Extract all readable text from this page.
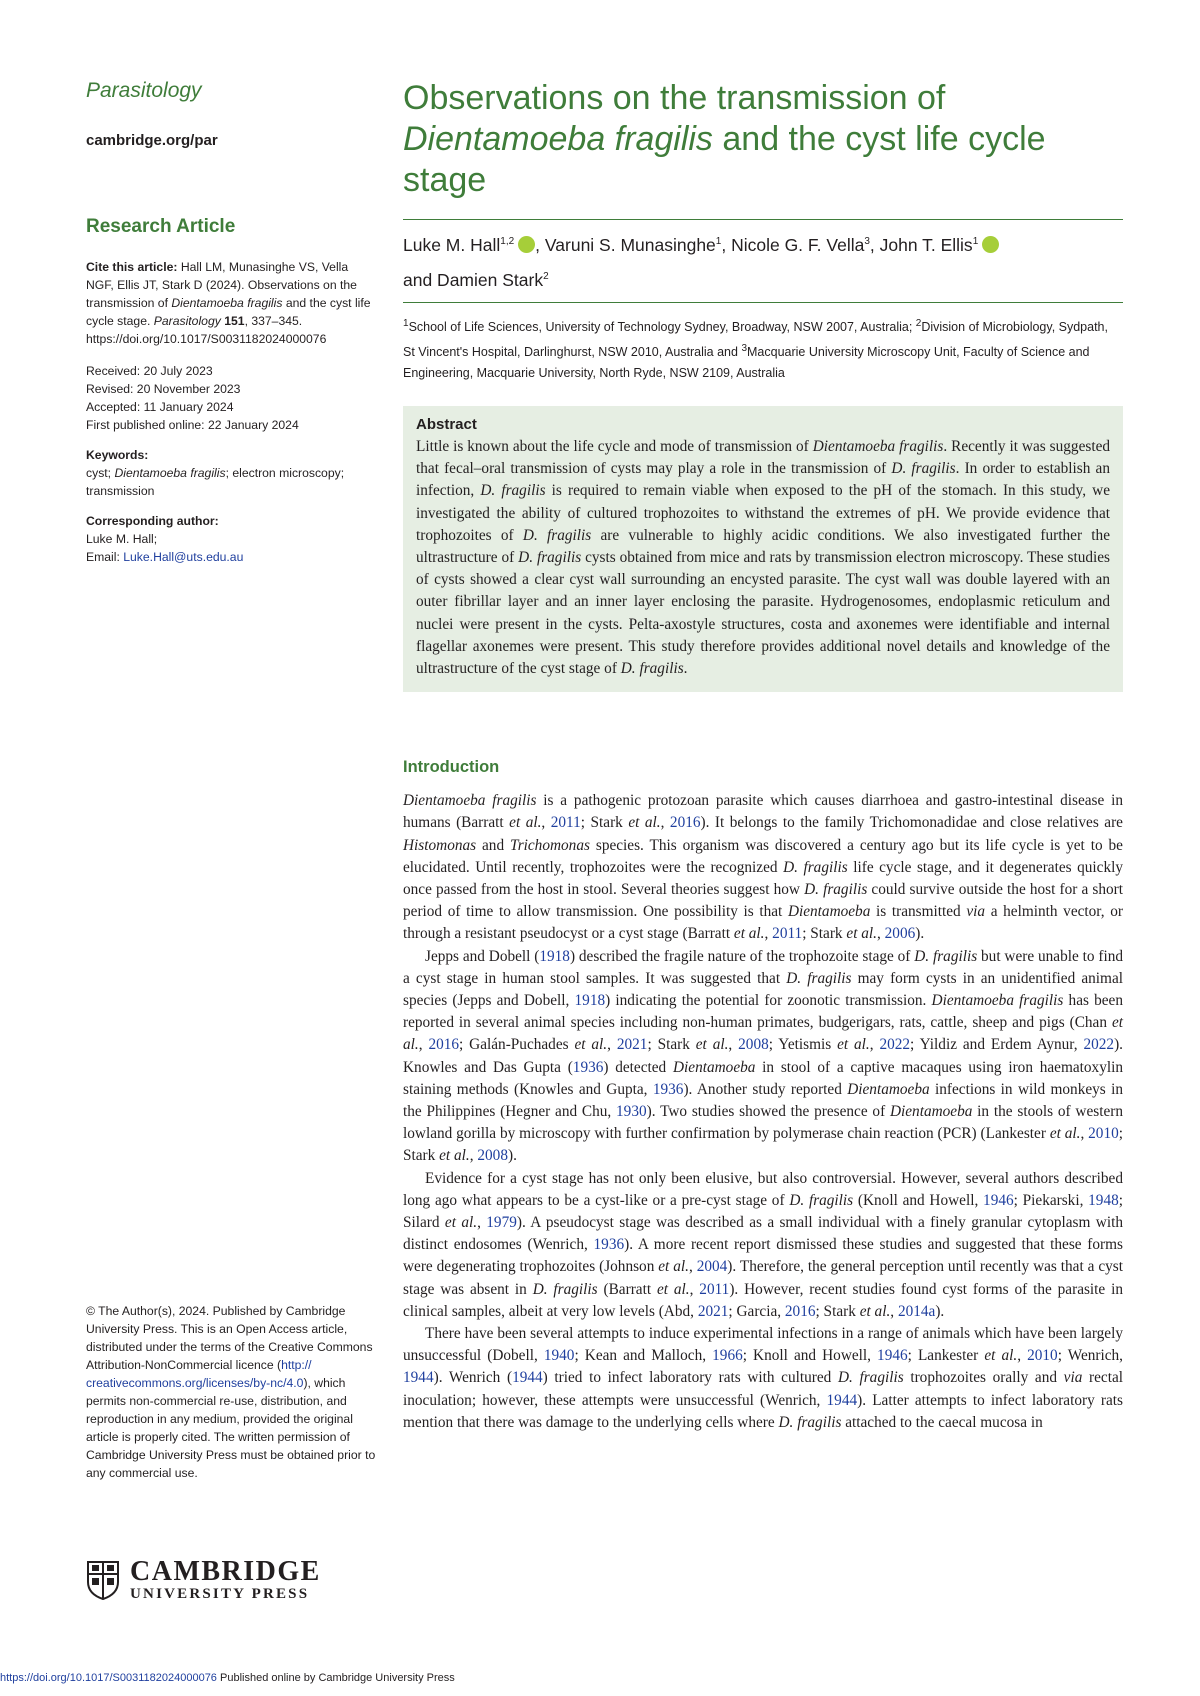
Parasitology
cambridge.org/par
Research Article
Cite this article: Hall LM, Munasinghe VS, Vella NGF, Ellis JT, Stark D (2024). Observations on the transmission of Dientamoeba fragilis and the cyst life cycle stage. Parasitology 151, 337–345. https://doi.org/10.1017/S0031182024000076
Received: 20 July 2023
Revised: 20 November 2023
Accepted: 11 January 2024
First published online: 22 January 2024
Keywords:
cyst; Dientamoeba fragilis; electron microscopy; transmission
Corresponding author:
Luke M. Hall;
Email: Luke.Hall@uts.edu.au
© The Author(s), 2024. Published by Cambridge University Press. This is an Open Access article, distributed under the terms of the Creative Commons Attribution-NonCommercial licence (http://
creativecommons.org/licenses/by-nc/4.0), which permits non-commercial re-use, distribution, and reproduction in any medium, provided the original article is properly cited. The written permission of Cambridge University Press must be obtained prior to any commercial use.
CAMBRIDGE
UNIVERSITY PRESS
Observations on the transmission of
Dientamoeba fragilis and the cyst life cycle stage
Luke M. Hall$^{1,2}$ , Varuni S. Munasinghe$^1$, Nicole G. F. Vella$^3$, John T. Ellis$^1$
and Damien Stark$^2$
$^1$School of Life Sciences, University of Technology Sydney, Broadway, NSW 2007, Australia; $^2$Division of Microbiology, Sydpath, St Vincent's Hospital, Darlinghurst, NSW 2010, Australia and $^3$Macquarie University Microscopy Unit, Faculty of Science and Engineering, Macquarie University, North Ryde, NSW 2109, Australia
Abstract
Little is known about the life cycle and mode of transmission of Dientamoeba fragilis. Recently it was suggested that fecal–oral transmission of cysts may play a role in the transmission of D. fragilis. In order to establish an infection, D. fragilis is required to remain viable when exposed to the pH of the stomach. In this study, we investigated the ability of cultured trophozoites to withstand the extremes of pH. We provide evidence that trophozoites of D. fragilis are vulnerable to highly acidic conditions. We also investigated further the ultrastructure of D. fragilis cysts obtained from mice and rats by transmission electron microscopy. These studies of cysts showed a clear cyst wall surrounding an encysted parasite. The cyst wall was double layered with an outer fibrillar layer and an inner layer enclosing the parasite. Hydrogenosomes, endoplasmic reticulum and nuclei were present in the cysts. Pelta-axostyle structures, costa and axonemes were identifiable and internal flagellar axonemes were present. This study therefore provides additional novel details and knowledge of the ultrastructure of the cyst stage of D. fragilis.
Introduction

Dientamoeba fragilis is a pathogenic protozoan parasite which causes diarrhoea and gastro-intestinal disease in humans (Barratt et al., 2011; Stark et al., 2016). It belongs to the family Trichomonadidae and close relatives are Histomonas and Trichomonas species. This organism was discovered a century ago but its life cycle is yet to be elucidated. Until recently, trophozoites were the recognized D. fragilis life cycle stage, and it degenerates quickly once passed from the host in stool. Several theories suggest how D. fragilis could survive outside the host for a short period of time to allow transmission. One possibility is that Dientamoeba is transmitted via a helminth vector, or through a resistant pseudocyst or a cyst stage (Barratt et al., 2011; Stark et al., 2006).

Jepps and Dobell (1918) described the fragile nature of the trophozoite stage of D. fragilis but were unable to find a cyst stage in human stool samples. It was suggested that D. fragilis may form cysts in an unidentified animal species (Jepps and Dobell, 1918) indicating the potential for zoonotic transmission. Dientamoeba fragilis has been reported in several animal species including non-human primates, budgerigars, rats, cattle, sheep and pigs (Chan et al., 2016; Galán-Puchades et al., 2021; Stark et al., 2008; Yetismis et al., 2022; Yildiz and Erdem Aynur, 2022). Knowles and Das Gupta (1936) detected Dientamoeba in stool of a captive macaques using iron haematoxylin staining methods (Knowles and Gupta, 1936). Another study reported Dientamoeba infections in wild monkeys in the Philippines (Hegner and Chu, 1930). Two studies showed the presence of Dientamoeba in the stools of western lowland gorilla by microscopy with further confirmation by polymerase chain reaction (PCR) (Lankester et al., 2010; Stark et al., 2008).

Evidence for a cyst stage has not only been elusive, but also controversial. However, several authors described long ago what appears to be a cyst-like or a pre-cyst stage of D. fragilis (Knoll and Howell, 1946; Piekarski, 1948; Silard et al., 1979). A pseudocyst stage was described as a small individual with a finely granular cytoplasm with distinct endosomes (Wenrich, 1936). A more recent report dismissed these studies and suggested that these forms were degenerating trophozoites (Johnson et al., 2004). Therefore, the general perception until recently was that a cyst stage was absent in D. fragilis (Barratt et al., 2011). However, recent studies found cyst forms of the parasite in clinical samples, albeit at very low levels (Abd, 2021; Garcia, 2016; Stark et al., 2014a).

There have been several attempts to induce experimental infections in a range of animals which have been largely unsuccessful (Dobell, 1940; Kean and Malloch, 1966; Knoll and Howell, 1946; Lankester et al., 2010; Wenrich, 1944). Wenrich (1944) tried to infect laboratory rats with cultured D. fragilis trophozoites orally and via rectal inoculation; however, these attempts were unsuccessful (Wenrich, 1944). Latter attempts to infect laboratory rats mention that there was damage to the underlying cells where D. fragilis attached to the caecal mucosa in

https://doi.org/10.1017/S0031182024000076 Published online by Cambridge University Press
